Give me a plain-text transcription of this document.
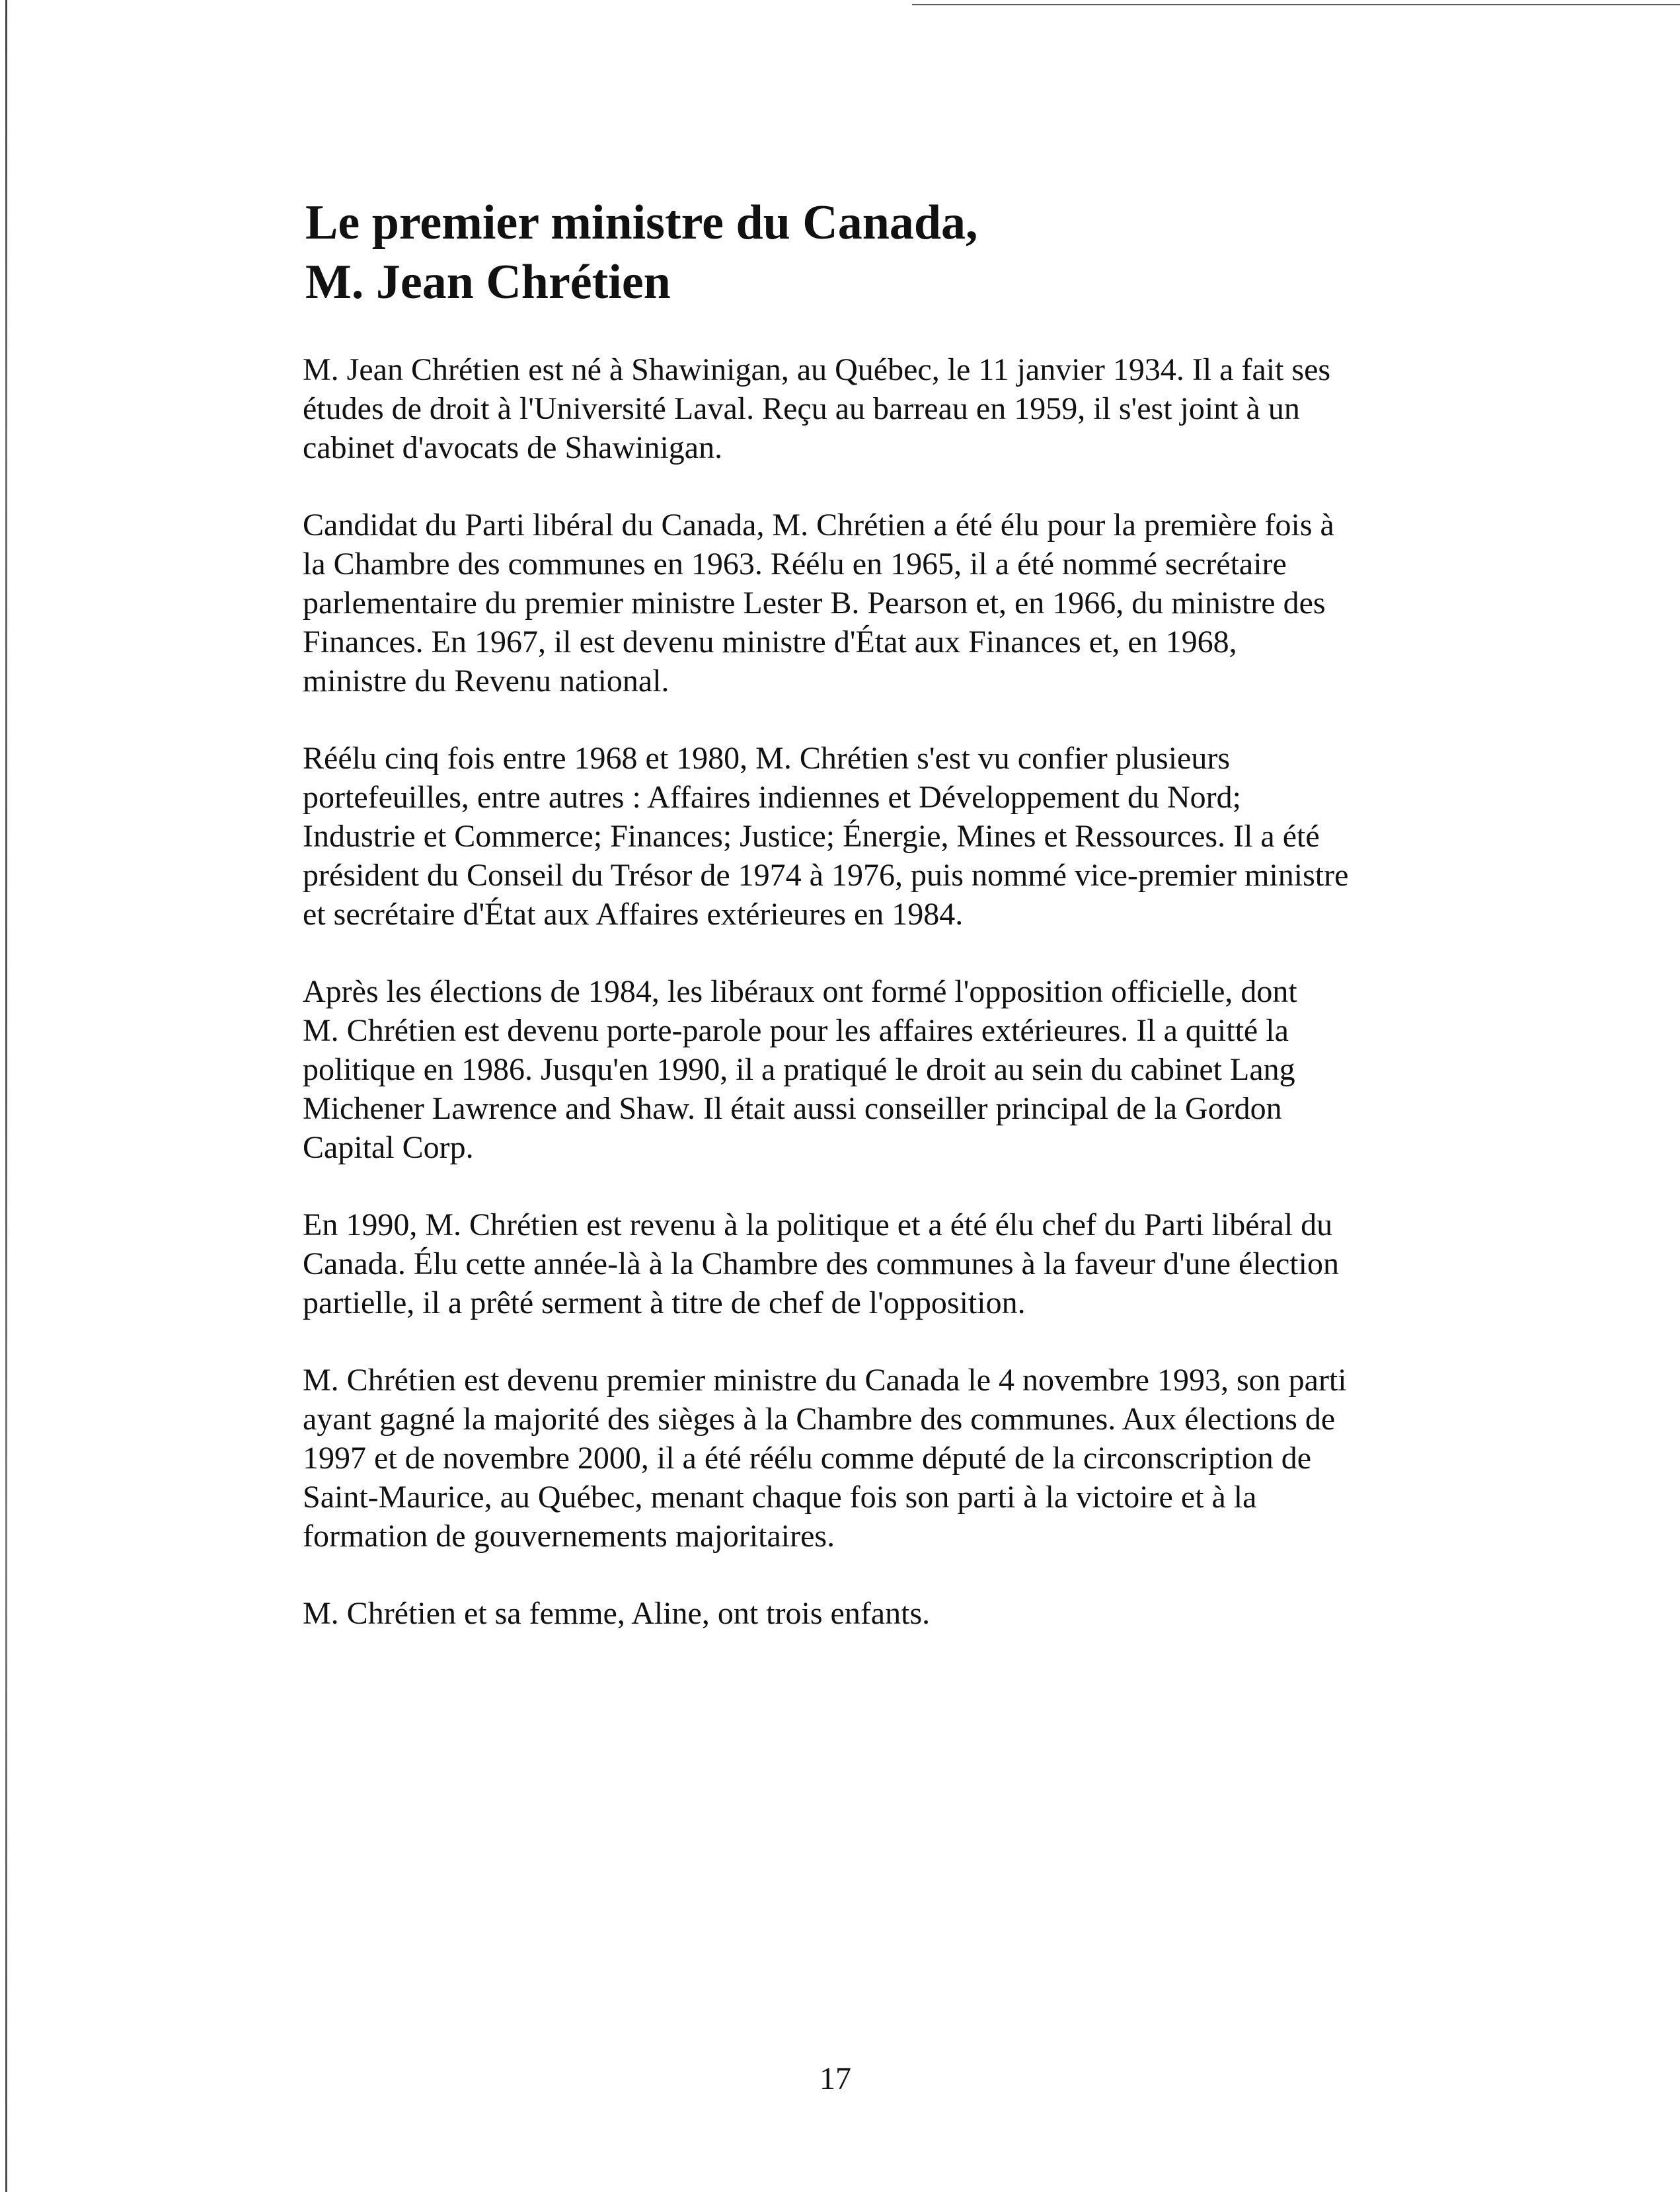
Le premier ministre du Canada,
M. Jean Chrétien

M. Jean Chrétien est né à Shawinigan, au Québec, le 11 janvier 1934. Il a fait ses
études de droit à l'Université Laval. Reçu au barreau en 1959, il s'est joint à un
cabinet d'avocats de Shawinigan.

Candidat du Parti libéral du Canada, M. Chrétien a été élu pour la première fois à
la Chambre des communes en 1963. Réélu en 1965, il a été nommé secrétaire
parlementaire du premier ministre Lester B. Pearson et, en 1966, du ministre des
Finances. En 1967, il est devenu ministre d'État aux Finances et, en 1968,
ministre du Revenu national.

Réélu cinq fois entre 1968 et 1980, M. Chrétien s'est vu confier plusieurs
portefeuilles, entre autres : Affaires indiennes et Développement du Nord;
Industrie et Commerce; Finances; Justice; Énergie, Mines et Ressources. Il a été
président du Conseil du Trésor de 1974 à 1976, puis nommé vice-premier ministre
et secrétaire d'État aux Affaires extérieures en 1984.

Après les élections de 1984, les libéraux ont formé l'opposition officielle, dont
M. Chrétien est devenu porte-parole pour les affaires extérieures. Il a quitté la
politique en 1986. Jusqu'en 1990, il a pratiqué le droit au sein du cabinet Lang
Michener Lawrence and Shaw. Il était aussi conseiller principal de la Gordon
Capital Corp.

En 1990, M. Chrétien est revenu à la politique et a été élu chef du Parti libéral du
Canada. Élu cette année-là à la Chambre des communes à la faveur d'une élection
partielle, il a prêté serment à titre de chef de l'opposition.

M. Chrétien est devenu premier ministre du Canada le 4 novembre 1993, son parti
ayant gagné la majorité des sièges à la Chambre des communes. Aux élections de
1997 et de novembre 2000, il a été réélu comme député de la circonscription de
Saint-Maurice, au Québec, menant chaque fois son parti à la victoire et à la
formation de gouvernements majoritaires.

M. Chrétien et sa femme, Aline, ont trois enfants.

17
